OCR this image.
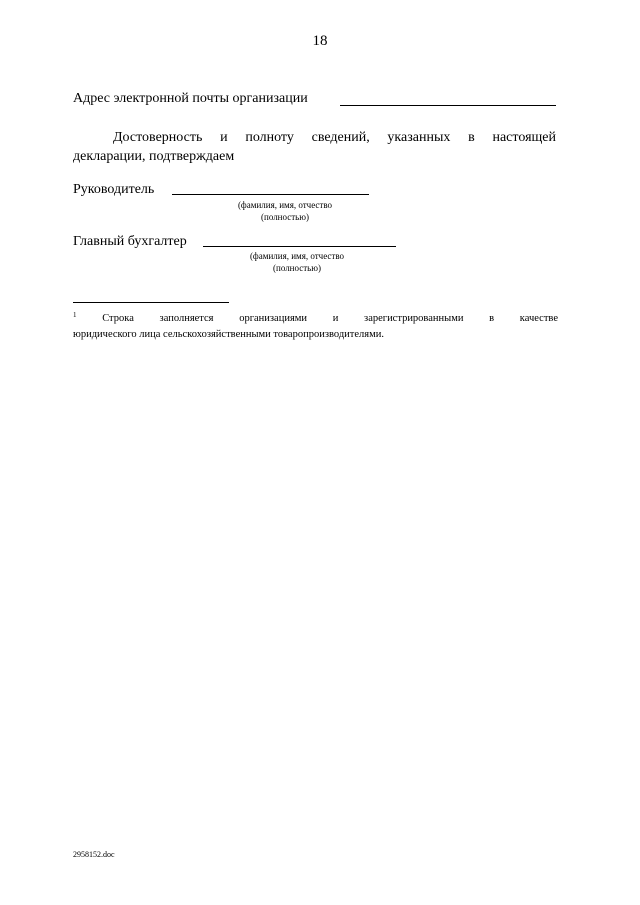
18
Адрес электронной почты организации
Достоверность и полноту сведений, указанных в настоящей
декларации, подтверждаем
Руководитель
(фамилия, имя, отчество
(полностью)
Главный бухгалтер
(фамилия, имя, отчество
(полностью)
$^1$ Строка заполняется организациями и зарегистрированными в качестве
юридического лица сельскохозяйственными товаропроизводителями.
2958152.doc
